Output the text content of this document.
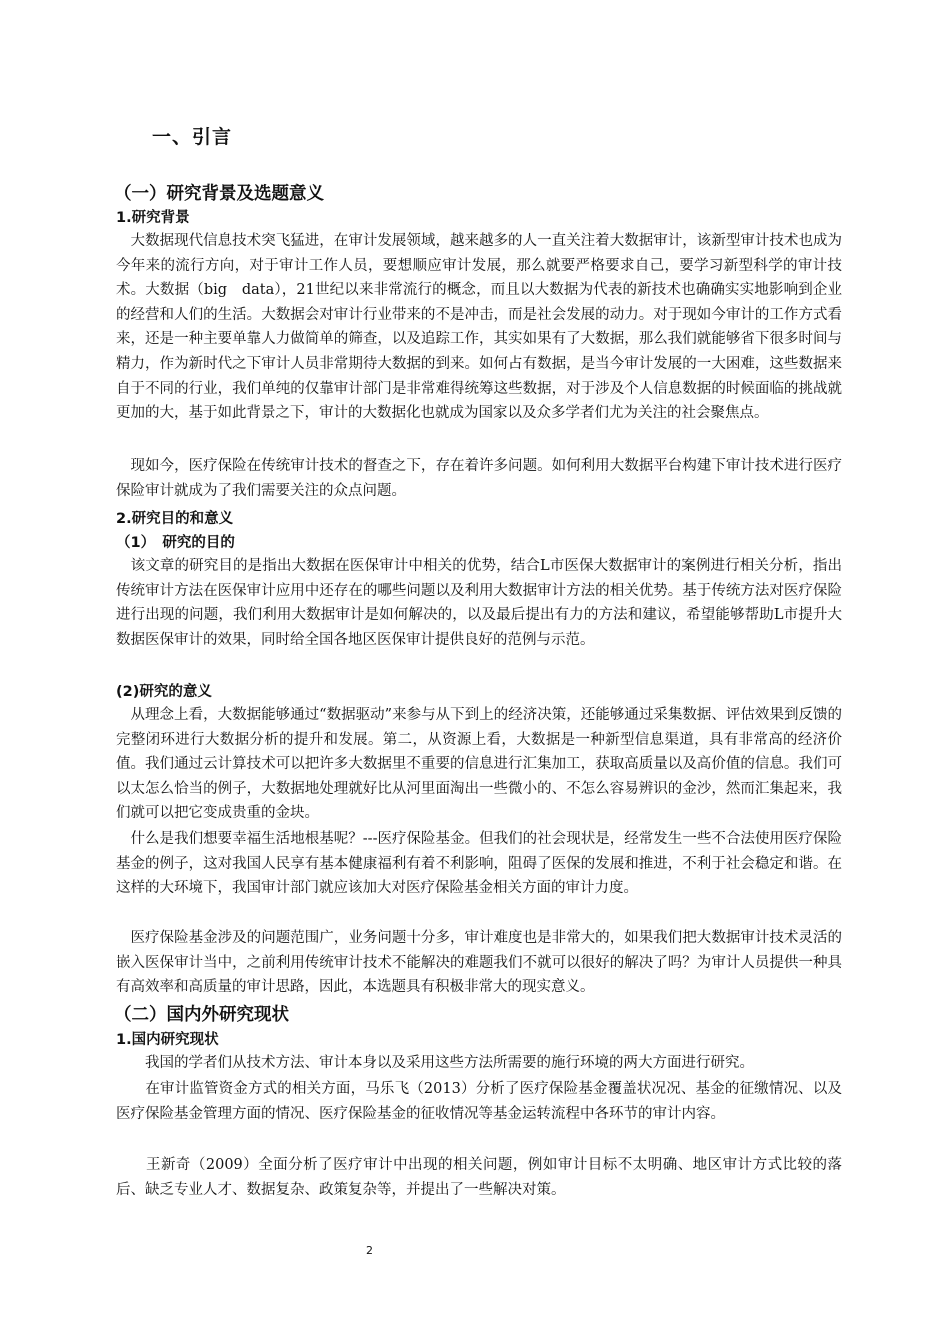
一、引言
（一）研究背景及选题意义
1.研究背景

　大数据现代信息技术突飞猛进，在审计发展领域，越来越多的人一直关注着大数据审计，该新型审计技术也成为今年来的流行方向，对于审计工作人员，要想顺应审计发展，那么就要严格要求自己，要学习新型科学的审计技术。大数据（big　data），21世纪以来非常流行的概念，而且以大数据为代表的新技术也确确实实地影响到企业的经营和人们的生活。大数据会对审计行业带来的不是冲击，而是社会发展的动力。对于现如今审计的工作方式看来，还是一种主要单靠人力做简单的筛查，以及追踪工作，其实如果有了大数据，那么我们就能够省下很多时间与精力，作为新时代之下审计人员非常期待大数据的到来。如何占有数据，是当今审计发展的一大困难，这些数据来自于不同的行业，我们单纯的仅靠审计部门是非常难得统筹这些数据，对于涉及个人信息数据的时候面临的挑战就更加的大，基于如此背景之下，审计的大数据化也就成为国家以及众多学者们尤为关注的社会聚焦点。

　现如今，医疗保险在传统审计技术的督查之下，存在着许多问题。如何利用大数据平台构建下审计技术进行医疗保险审计就成为了我们需要关注的众点问题。

2.研究目的和意义
（1）　研究的目的

　该文章的研究目的是指出大数据在医保审计中相关的优势，结合L市医保大数据审计的案例进行相关分析，指出传统审计方法在医保审计应用中还存在的哪些问题以及利用大数据审计方法的相关优势。基于传统方法对医疗保险进行出现的问题，我们利用大数据审计是如何解决的，以及最后提出有力的方法和建议，希望能够帮助L市提升大数据医保审计的效果，同时给全国各地区医保审计提供良好的范例与示范。

(2)研究的意义

　从理念上看，大数据能够通过“数据驱动”来参与从下到上的经济决策，还能够通过采集数据、评估效果到反馈的完整闭环进行大数据分析的提升和发展。第二，从资源上看，大数据是一种新型信息渠道，具有非常高的经济价值。我们通过云计算技术可以把许多大数据里不重要的信息进行汇集加工，获取高质量以及高价值的信息。我们可以太怎么恰当的例子，大数据地处理就好比从河里面淘出一些微小的、不怎么容易辨识的金沙，然而汇集起来，我们就可以把它变成贵重的金块。

　什么是我们想要幸福生活地根基呢？---医疗保险基金。但我们的社会现状是，经常发生一些不合法使用医疗保险基金的例子，这对我国人民享有基本健康福利有着不利影响，阻碍了医保的发展和推进，不利于社会稳定和谐。在这样的大环境下，我国审计部门就应该加大对医疗保险基金相关方面的审计力度。

　医疗保险基金涉及的问题范围广，业务问题十分多，审计难度也是非常大的，如果我们把大数据审计技术灵活的嵌入医保审计当中，之前利用传统审计技术不能解决的难题我们不就可以很好的解决了吗？为审计人员提供一种具有高效率和高质量的审计思路，因此，本选题具有积极非常大的现实意义。

（二）国内外研究现状
1.国内研究现状

　　我国的学者们从技术方法、审计本身以及采用这些方法所需要的施行环境的两大方面进行研究。

　　在审计监管资金方式的相关方面，马乐飞（2013）分析了医疗保险基金覆盖状况况、基金的征缴情况、以及医疗保险基金管理方面的情况、医疗保险基金的征收情况等基金运转流程中各环节的审计内容。

　　王新奇（2009）全面分析了医疗审计中出现的相关问题，例如审计目标不太明确、地区审计方式比较的落后、缺乏专业人才、数据复杂、政策复杂等，并提出了一些解决对策。

2
